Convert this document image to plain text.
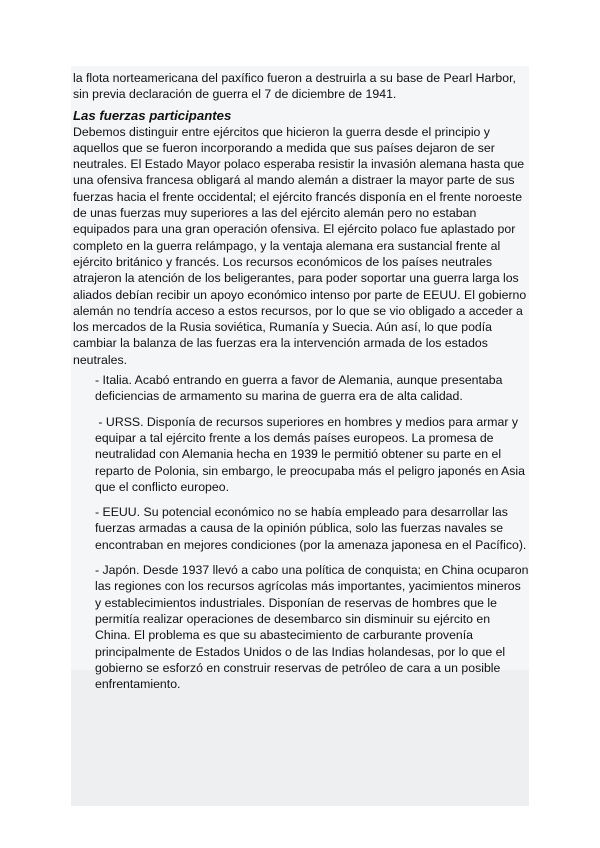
la flota norteamericana del paxífico fueron a destruirla a su base de Pearl Harbor, sin previa declaración de guerra el 7 de diciembre de 1941.

Las fuerzas participantes

Debemos distinguir entre ejércitos que hicieron la guerra desde el principio y aquellos que se fueron incorporando a medida que sus países dejaron de ser neutrales. El Estado Mayor polaco esperaba resistir la invasión alemana hasta que una ofensiva francesa obligará al mando alemán a distraer la mayor parte de sus fuerzas hacia el frente occidental; el ejército francés disponía en el frente noroeste de unas fuerzas muy superiores a las del ejército alemán pero no estaban equipados para una gran operación ofensiva. El ejército polaco fue aplastado por completo en la guerra relámpago, y la ventaja alemana era sustancial frente al ejército británico y francés. Los recursos económicos de los países neutrales atrajeron la atención de los beligerantes, para poder soportar una guerra larga los aliados debían recibir un apoyo económico intenso por parte de EEUU. El gobierno alemán no tendría acceso a estos recursos, por lo que se vio obligado a acceder a los mercados de la Rusia soviética, Rumanía y Suecia. Aún así, lo que podía cambiar la balanza de las fuerzas era la intervención armada de los estados neutrales.

- Italia. Acabó entrando en guerra a favor de Alemania, aunque presentaba deficiencias de armamento su marina de guerra era de alta calidad.
- URSS. Disponía de recursos superiores en hombres y medios para armar y equipar a tal ejército frente a los demás países europeos. La promesa de neutralidad con Alemania hecha en 1939 le permitió obtener su parte en el reparto de Polonia, sin embargo, le preocupaba más el peligro japonés en Asia que el conflicto europeo.
- EEUU. Su potencial económico no se había empleado para desarrollar las fuerzas armadas a causa de la opinión pública, solo las fuerzas navales se encontraban en mejores condiciones (por la amenaza japonesa en el Pacífico).
- Japón. Desde 1937 llevó a cabo una política de conquista; en China ocuparon las regiones con los recursos agrícolas más importantes, yacimientos mineros y establecimientos industriales. Disponían de reservas de hombres que le permitía realizar operaciones de desembarco sin disminuir su ejército en China. El problema es que su abastecimiento de carburante provenía principalmente de Estados Unidos o de las Indias holandesas, por lo que el gobierno se esforzó en construir reservas de petróleo de cara a un posible enfrentamiento.
